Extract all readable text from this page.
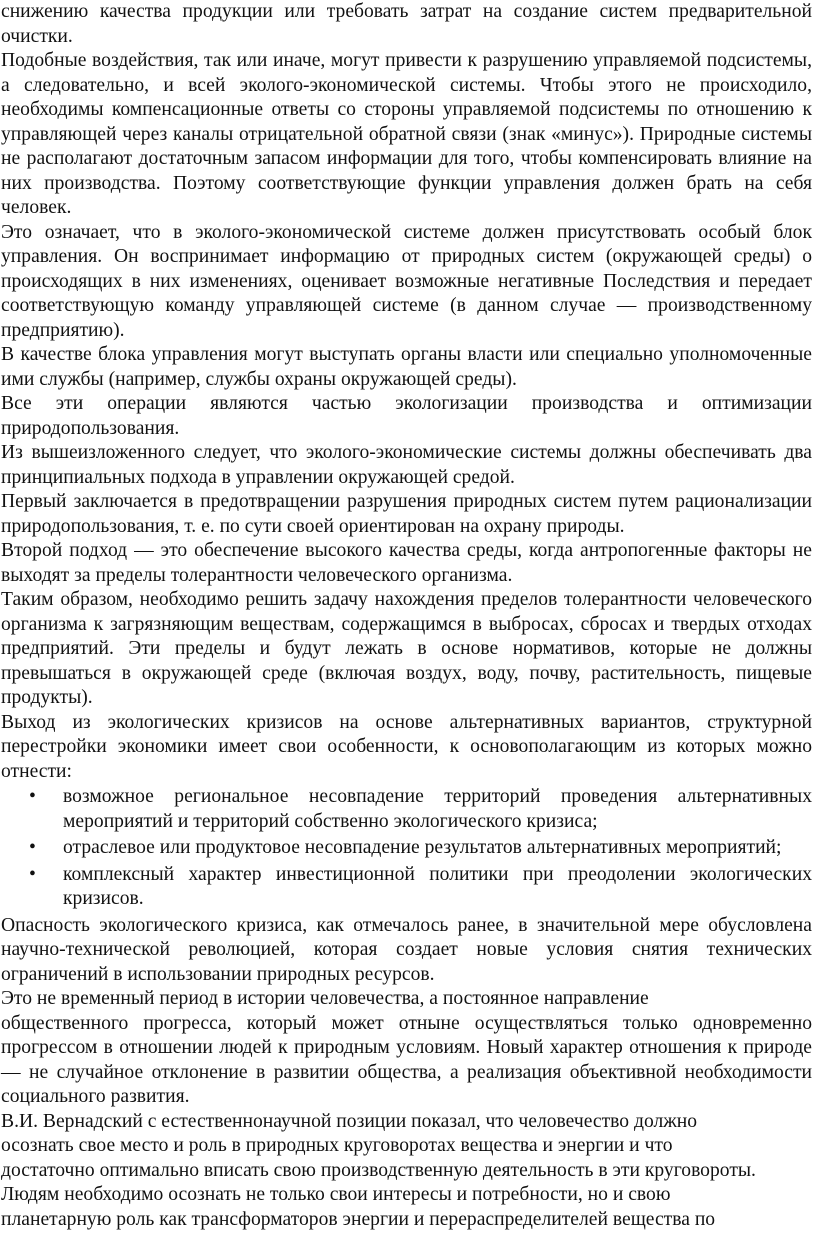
снижению качества продукции или требовать затрат на создание систем предварительной очистки.

Подобные воздействия, так или иначе, могут привести к разрушению управляемой подсистемы, а следовательно, и всей эколого-экономической системы. Чтобы этого не происходило, необходимы компенсационные ответы со стороны управляемой подсистемы по отношению к управляющей через каналы отрицательной обратной связи (знак «минус»). Природные системы не располагают достаточным запасом информации для того, чтобы компенсировать влияние на них производства. Поэтому соответствующие функции управления должен брать на себя человек.

Это означает, что в эколого-экономической системе должен присутствовать особый блок управления. Он воспринимает информацию от природных систем (окружающей среды) о происходящих в них изменениях, оценивает возможные негативные Последствия и передает соответствующую команду управляющей системе (в данном случае — производственному предприятию).

В качестве блока управления могут выступать органы власти или специально уполномоченные ими службы (например, службы охраны окружающей среды).

Все эти операции являются частью экологизации производства и оптимизации природопользования.

Из вышеизложенного следует, что эколого-экономические системы должны обеспечивать два принципиальных подхода в управлении окружающей средой.

Первый заключается в предотвращении разрушения природных систем путем рационализации природопользования, т. е. по сути своей ориентирован на охрану природы.

Второй подход — это обеспечение высокого качества среды, когда антропогенные факторы не выходят за пределы толерантности человеческого организма.

Таким образом, необходимо решить задачу нахождения пределов толерантности человеческого организма к загрязняющим веществам, содержащимся в выбросах, сбросах и твердых отходах предприятий. Эти пределы и будут лежать в основе нормативов, которые не должны превышаться в окружающей среде (включая воздух, воду, почву, растительность, пищевые продукты).

Выход из экологических кризисов на основе альтернативных вариантов, структурной перестройки экономики имеет свои особенности, к основополагающим из которых можно отнести:

• возможное региональное несовпадение территорий проведения альтернативных мероприятий и территорий собственно экологического кризиса;
• отраслевое или продуктовое несовпадение результатов альтернативных мероприятий;
• комплексный характер инвестиционной политики при преодолении экологических кризисов.

Опасность экологического кризиса, как отмечалось ранее, в значительной мере обусловлена научно-технической революцией, которая создает новые условия снятия технических ограничений в использовании природных ресурсов.

Это не временный период в истории человечества, а постоянное направление

общественного прогресса, который может отныне осуществляться только одновременно прогрессом в отношении людей к природным условиям. Новый характер отношения к природе — не случайное отклонение в развитии общества, а реализация объективной необходимости социального развития.

В.И. Вернадский с естественнонаучной позиции показал, что человечество должно

осознать свое место и роль в природных круговоротах вещества и энергии и что

достаточно оптимально вписать свою производственную деятельность в эти круговороты.

Людям необходимо осознать не только свои интересы и потребности, но и свою

планетарную роль как трансформаторов энергии и перераспределителей вещества по
